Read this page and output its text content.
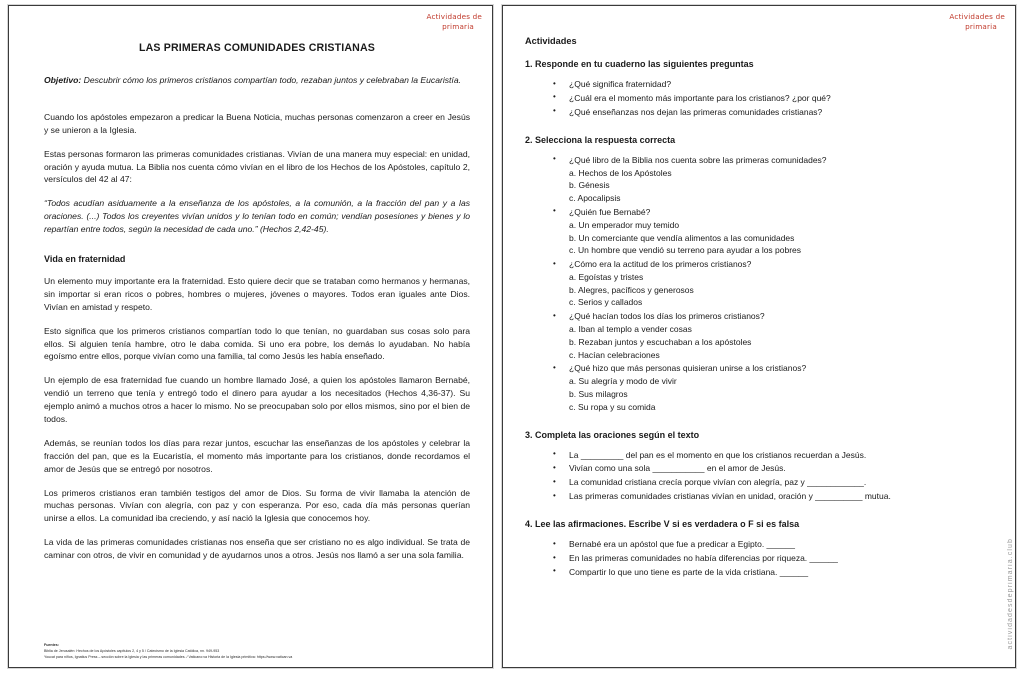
Actividades de
primaria
LAS PRIMERAS COMUNIDADES CRISTIANAS

Objetivo: Descubrir cómo los primeros cristianos compartían todo, rezaban juntos y celebraban la Eucaristía.

Cuando los apóstoles empezaron a predicar la Buena Noticia, muchas personas comenzaron a creer en Jesús y se unieron a la Iglesia.

Estas personas formaron las primeras comunidades cristianas. Vivían de una manera muy especial: en unidad, oración y ayuda mutua. La Biblia nos cuenta cómo vivían en el libro de los Hechos de los Apóstoles, capítulo 2, versículos del 42 al 47:

“Todos acudían asiduamente a la enseñanza de los apóstoles, a la comunión, a la fracción del pan y a las oraciones. (...) Todos los creyentes vivían unidos y lo tenían todo en común; vendían posesiones y bienes y lo repartían entre todos, según la necesidad de cada uno.” (Hechos 2,42-45).

Vida en fraternidad

Un elemento muy importante era la fraternidad. Esto quiere decir que se trataban como hermanos y hermanas, sin importar si eran ricos o pobres, hombres o mujeres, jóvenes o mayores. Todos eran iguales ante Dios. Vivían en amistad y respeto.

Esto significa que los primeros cristianos compartían todo lo que tenían, no guardaban sus cosas solo para ellos. Si alguien tenía hambre, otro le daba comida. Si uno era pobre, los demás lo ayudaban. No había egoísmo entre ellos, porque vivían como una familia, tal como Jesús les había enseñado.

Un ejemplo de esa fraternidad fue cuando un hombre llamado José, a quien los apóstoles llamaron Bernabé, vendió un terreno que tenía y entregó todo el dinero para ayudar a los necesitados (Hechos 4,36-37). Su ejemplo animó a muchos otros a hacer lo mismo. No se preocupaban solo por ellos mismos, sino por el bien de todos.

Además, se reunían todos los días para rezar juntos, escuchar las enseñanzas de los apóstoles y celebrar la fracción del pan, que es la Eucaristía, el momento más importante para los cristianos, donde recordamos el amor de Jesús que se entregó por nosotros.

Los primeros cristianos eran también testigos del amor de Dios. Su forma de vivir llamaba la atención de muchas personas. Vivían con alegría, con paz y con esperanza. Por eso, cada día más personas querían unirse a ellos. La comunidad iba creciendo, y así nació la Iglesia que conocemos hoy.

La vida de las primeras comunidades cristianas nos enseña que ser cristiano no es algo individual. Se trata de caminar con otros, de vivir en comunidad y de ayudarnos unos a otros. Jesús nos llamó a ser una sola familia.

Fuentes:
Biblia de Jerusalén: Hechos de los Apóstoles capítulos 2, 4 y 5 / Catecismo de la Iglesia Católica, nn. 949-953
Youcat para niños, Ignatius Press – sección sobre la Iglesia y las primeras comunidades. / Vaticano:va Historia de la Iglesia primitiva: https://www.vatican.va
Actividades de
primaria
actividadesdeprimaria.club
Actividades
1. Responde en tu cuaderno las siguientes preguntas
• ¿Qué significa fraternidad?
• ¿Cuál era el momento más importante para los cristianos? ¿por qué?
• ¿Qué enseñanzas nos dejan las primeras comunidades cristianas?
2. Selecciona la respuesta correcta
• ¿Qué libro de la Biblia nos cuenta sobre las primeras comunidades?
a. Hechos de los Apóstoles
b. Génesis
c. Apocalipsis
• ¿Quién fue Bernabé?
a. Un emperador muy temido
b. Un comerciante que vendía alimentos a las comunidades
c. Un hombre que vendió su terreno para ayudar a los pobres
• ¿Cómo era la actitud de los primeros cristianos?
a. Egoístas y tristes
b. Alegres, pacíficos y generosos
c. Serios y callados
• ¿Qué hacían todos los días los primeros cristianos?
a. Iban al templo a vender cosas
b. Rezaban juntos y escuchaban a los apóstoles
c. Hacían celebraciones
• ¿Qué hizo que más personas quisieran unirse a los cristianos?
a. Su alegría y modo de vivir
b. Sus milagros
c. Su ropa y su comida
3. Completa las oraciones según el texto
• La _________ del pan es el momento en que los cristianos recuerdan a Jesús.
• Vivían como una sola ___________ en el amor de Jesús.
• La comunidad cristiana crecía porque vivían con alegría, paz y ____________.
• Las primeras comunidades cristianas vivían en unidad, oración y __________ mutua.
4. Lee las afirmaciones. Escribe V si es verdadera o F si es falsa
• Bernabé era un apóstol que fue a predicar a Egipto. ______
• En las primeras comunidades no había diferencias por riqueza. ______
• Compartir lo que uno tiene es parte de la vida cristiana. ______
